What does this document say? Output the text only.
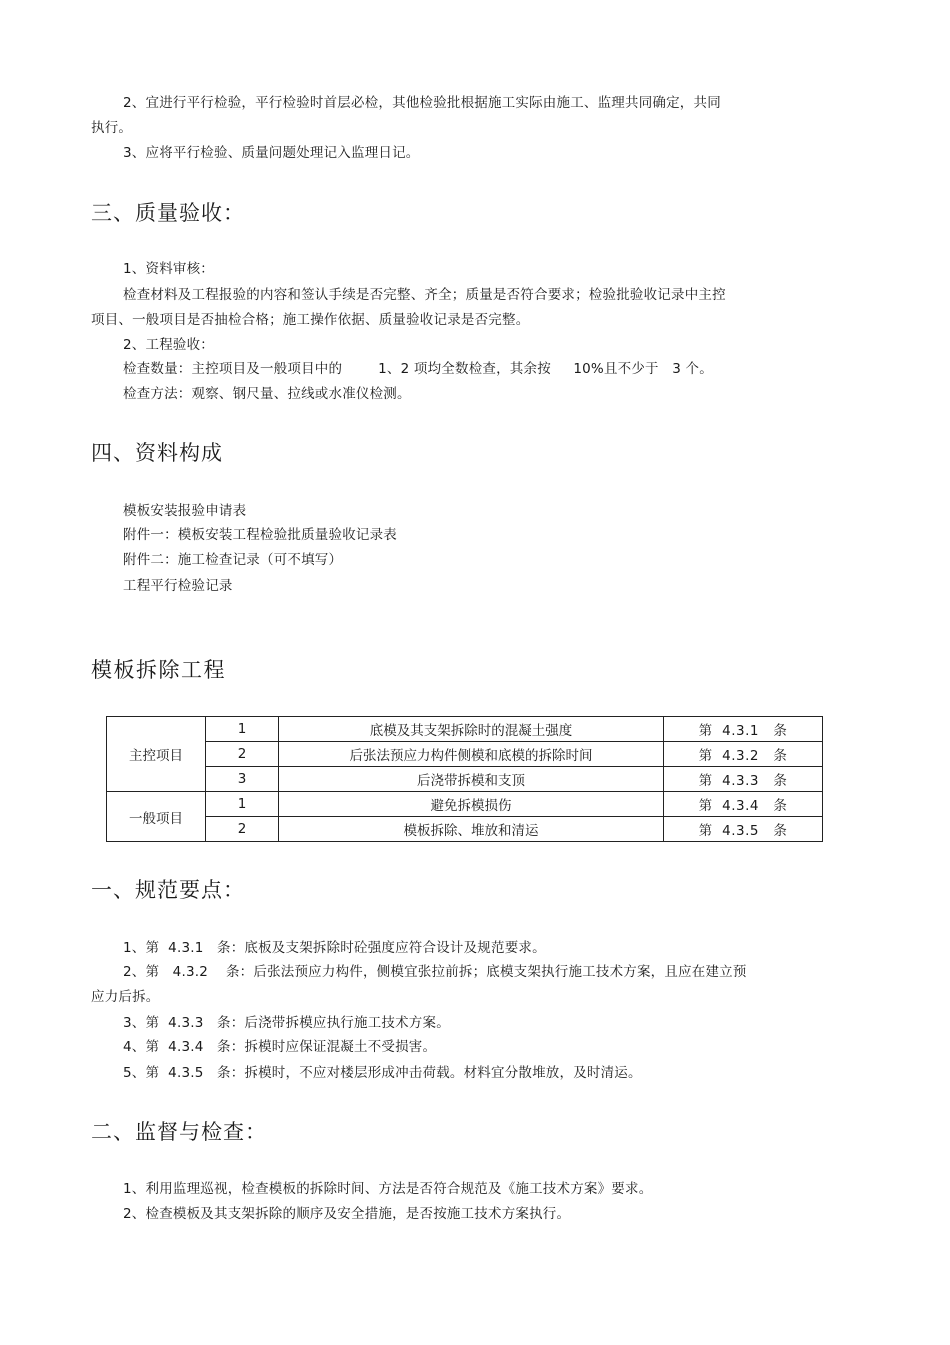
2、宜进行平行检验，平行检验时首层必检，其他检验批根据施工实际由施工、监理共同确定，共同
执行。
3、应将平行检验、质量问题处理记入监理日记。
三、质量验收：
1、资料审核：
检查材料及工程报验的内容和签认手续是否完整、齐全；质量是否符合要求；检验批验收记录中主控
项目、一般项目是否抽检合格；施工操作依据、质量验收记录是否完整。
2、工程验收：
检查数量：主控项目及一般项目中的        1、2 项均全数检查，其余按     10%且不少于   3 个。
检查方法：观察、钢尺量、拉线或水准仪检测。
四、资料构成
模板安装报验申请表
附件一：模板安装工程检验批质量验收记录表
附件二：施工检查记录（可不填写）
工程平行检验记录
模板拆除工程
主控项目	1	底模及其支架拆除时的混凝土强度	第  4.3.1   条
	2	后张法预应力构件侧模和底模的拆除时间	第  4.3.2   条
	3	后浇带拆模和支顶	第  4.3.3   条
一般项目	1	避免拆模损伤	第  4.3.4   条
	2	模板拆除、堆放和清运	第  4.3.5   条
一、规范要点：
1、第  4.3.1   条：底板及支架拆除时砼强度应符合设计及规范要求。
2、第   4.3.2    条：后张法预应力构件，侧模宜张拉前拆；底模支架执行施工技术方案，且应在建立预
应力后拆。
3、第  4.3.3   条：后浇带拆模应执行施工技术方案。
4、第  4.3.4   条：拆模时应保证混凝土不受损害。
5、第  4.3.5   条：拆模时，不应对楼层形成冲击荷载。材料宜分散堆放，及时清运。
二、监督与检查：
1、利用监理巡视，检查模板的拆除时间、方法是否符合规范及《施工技术方案》要求。
2、检查模板及其支架拆除的顺序及安全措施，是否按施工技术方案执行。
